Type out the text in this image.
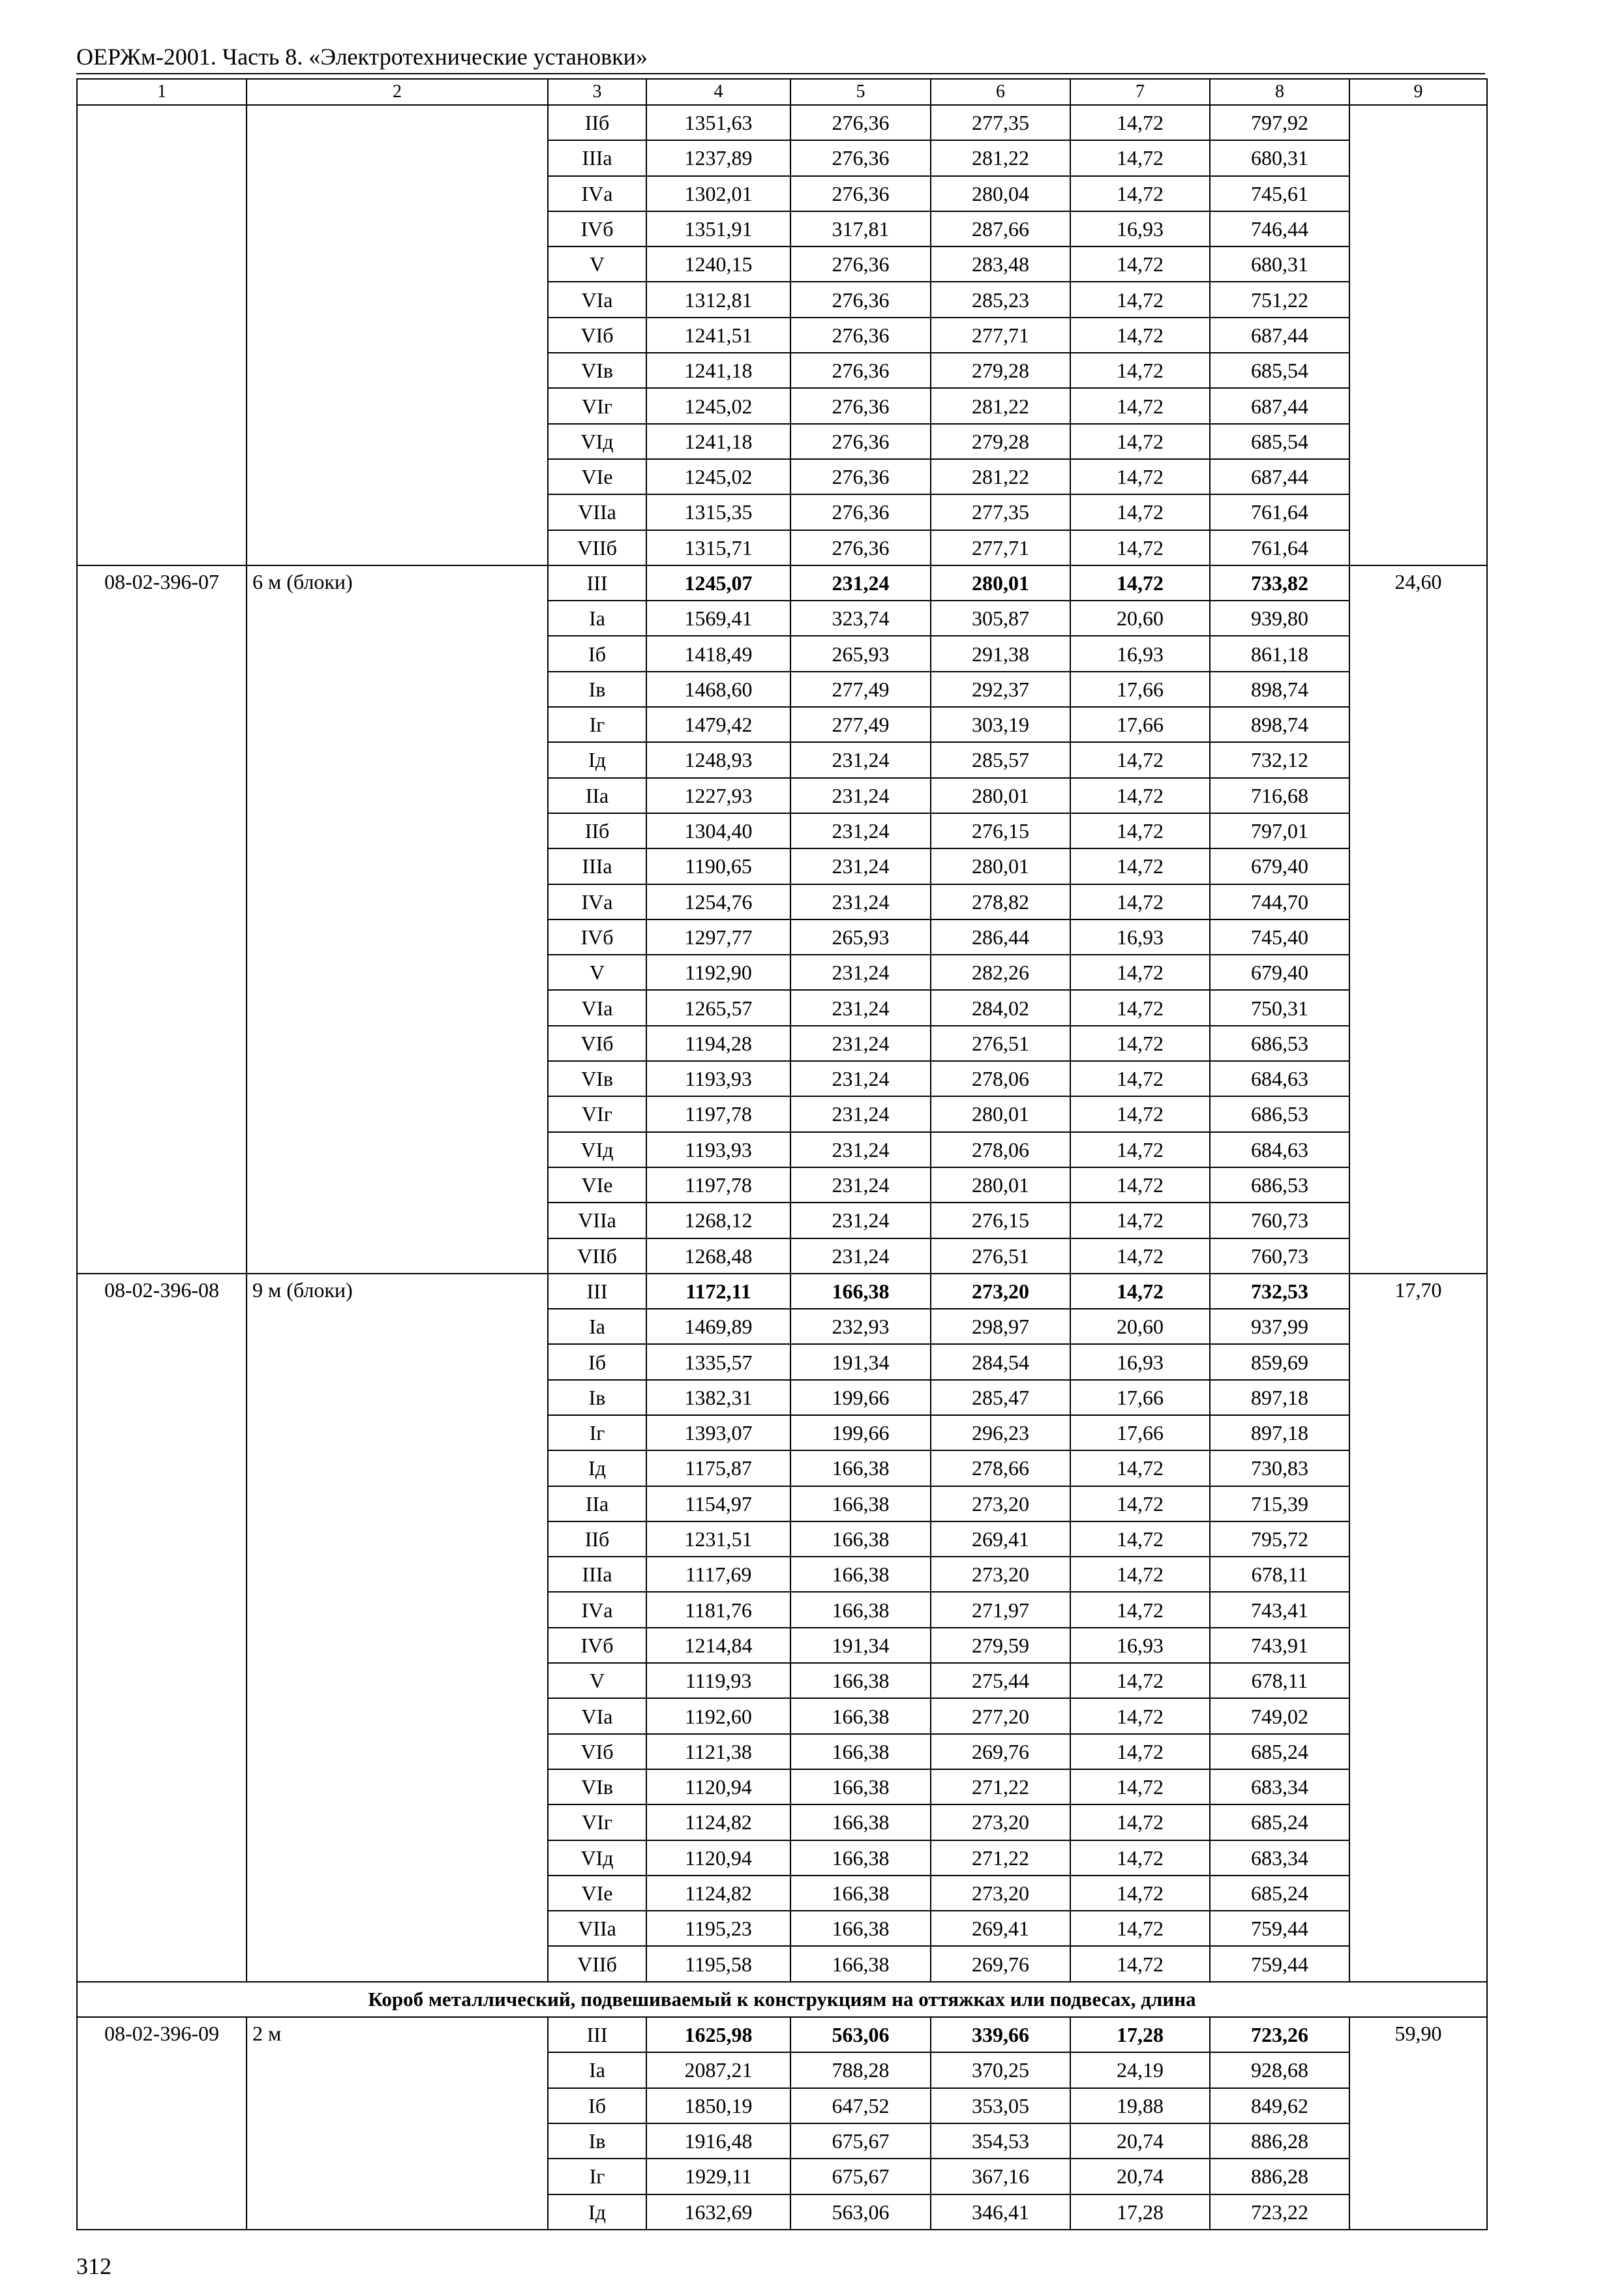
ОЕРЖм-2001. Часть 8. «Электротехнические установки»
1	2	3	4	5	6	7	8	9
		IIб	1351,63	276,36	277,35	14,72	797,92	
		IIIа	1237,89	276,36	281,22	14,72	680,31	
		IVа	1302,01	276,36	280,04	14,72	745,61	
		IVб	1351,91	317,81	287,66	16,93	746,44	
		V	1240,15	276,36	283,48	14,72	680,31	
		VIа	1312,81	276,36	285,23	14,72	751,22	
		VIб	1241,51	276,36	277,71	14,72	687,44	
		VIв	1241,18	276,36	279,28	14,72	685,54	
		VIг	1245,02	276,36	281,22	14,72	687,44	
		VIд	1241,18	276,36	279,28	14,72	685,54	
		VIе	1245,02	276,36	281,22	14,72	687,44	
		VIIа	1315,35	276,36	277,35	14,72	761,64	
		VIIб	1315,71	276,36	277,71	14,72	761,64	
08-02-396-07	6 м (блоки)	III	1245,07	231,24	280,01	14,72	733,82	24,60
		Iа	1569,41	323,74	305,87	20,60	939,80	
		Iб	1418,49	265,93	291,38	16,93	861,18	
		Iв	1468,60	277,49	292,37	17,66	898,74	
		Iг	1479,42	277,49	303,19	17,66	898,74	
		Iд	1248,93	231,24	285,57	14,72	732,12	
		IIа	1227,93	231,24	280,01	14,72	716,68	
		IIб	1304,40	231,24	276,15	14,72	797,01	
		IIIа	1190,65	231,24	280,01	14,72	679,40	
		IVа	1254,76	231,24	278,82	14,72	744,70	
		IVб	1297,77	265,93	286,44	16,93	745,40	
		V	1192,90	231,24	282,26	14,72	679,40	
		VIа	1265,57	231,24	284,02	14,72	750,31	
		VIб	1194,28	231,24	276,51	14,72	686,53	
		VIв	1193,93	231,24	278,06	14,72	684,63	
		VIг	1197,78	231,24	280,01	14,72	686,53	
		VIд	1193,93	231,24	278,06	14,72	684,63	
		VIе	1197,78	231,24	280,01	14,72	686,53	
		VIIа	1268,12	231,24	276,15	14,72	760,73	
		VIIб	1268,48	231,24	276,51	14,72	760,73	
08-02-396-08	9 м (блоки)	III	1172,11	166,38	273,20	14,72	732,53	17,70
		Iа	1469,89	232,93	298,97	20,60	937,99	
		Iб	1335,57	191,34	284,54	16,93	859,69	
		Iв	1382,31	199,66	285,47	17,66	897,18	
		Iг	1393,07	199,66	296,23	17,66	897,18	
		Iд	1175,87	166,38	278,66	14,72	730,83	
		IIа	1154,97	166,38	273,20	14,72	715,39	
		IIб	1231,51	166,38	269,41	14,72	795,72	
		IIIа	1117,69	166,38	273,20	14,72	678,11	
		IVа	1181,76	166,38	271,97	14,72	743,41	
		IVб	1214,84	191,34	279,59	16,93	743,91	
		V	1119,93	166,38	275,44	14,72	678,11	
		VIа	1192,60	166,38	277,20	14,72	749,02	
		VIб	1121,38	166,38	269,76	14,72	685,24	
		VIв	1120,94	166,38	271,22	14,72	683,34	
		VIг	1124,82	166,38	273,20	14,72	685,24	
		VIд	1120,94	166,38	271,22	14,72	683,34	
		VIе	1124,82	166,38	273,20	14,72	685,24	
		VIIа	1195,23	166,38	269,41	14,72	759,44	
		VIIб	1195,58	166,38	269,76	14,72	759,44	
Короб металлический, подвешиваемый к конструкциям на оттяжках или подвесах, длина								
08-02-396-09	2 м	III	1625,98	563,06	339,66	17,28	723,26	59,90
		Iа	2087,21	788,28	370,25	24,19	928,68	
		Iб	1850,19	647,52	353,05	19,88	849,62	
		Iв	1916,48	675,67	354,53	20,74	886,28	
		Iг	1929,11	675,67	367,16	20,74	886,28	
		Iд	1632,69	563,06	346,41	17,28	723,22	
312
